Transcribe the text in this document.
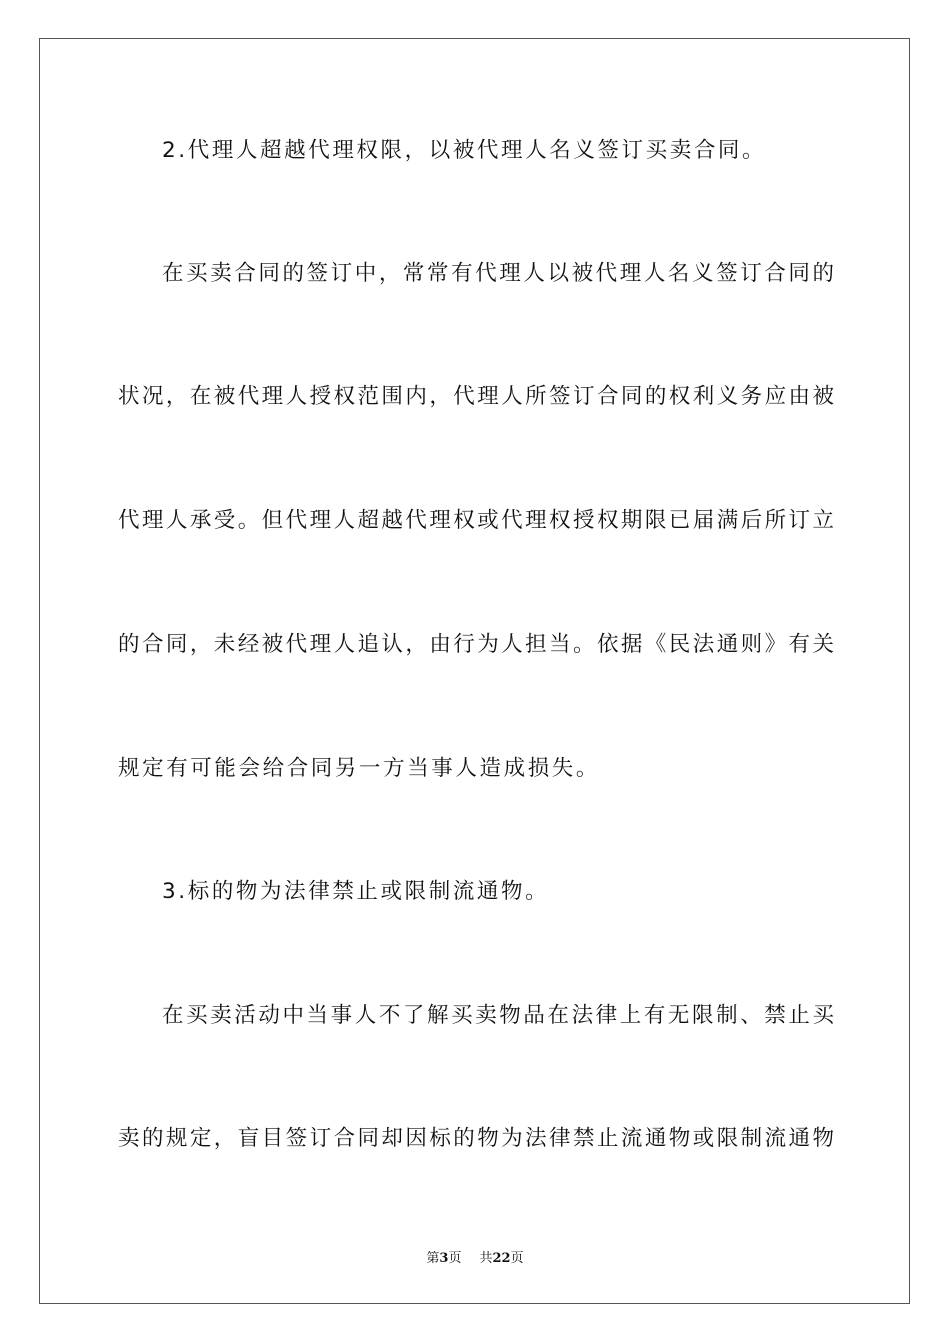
2.代理人超越代理权限，以被代理人名义签订买卖合同。
在买卖合同的签订中，常常有代理人以被代理人名义签订合同的
状况，在被代理人授权范围内，代理人所签订合同的权利义务应由被
代理人承受。但代理人超越代理权或代理权授权期限已届满后所订立
的合同，未经被代理人追认，由行为人担当。依据《民法通则》有关
规定有可能会给合同另一方当事人造成损失。
3.标的物为法律禁止或限制流通物。
在买卖活动中当事人不了解买卖物品在法律上有无限制、禁止买
卖的规定，盲目签订合同却因标的物为法律禁止流通物或限制流通物
第3页 共22页
